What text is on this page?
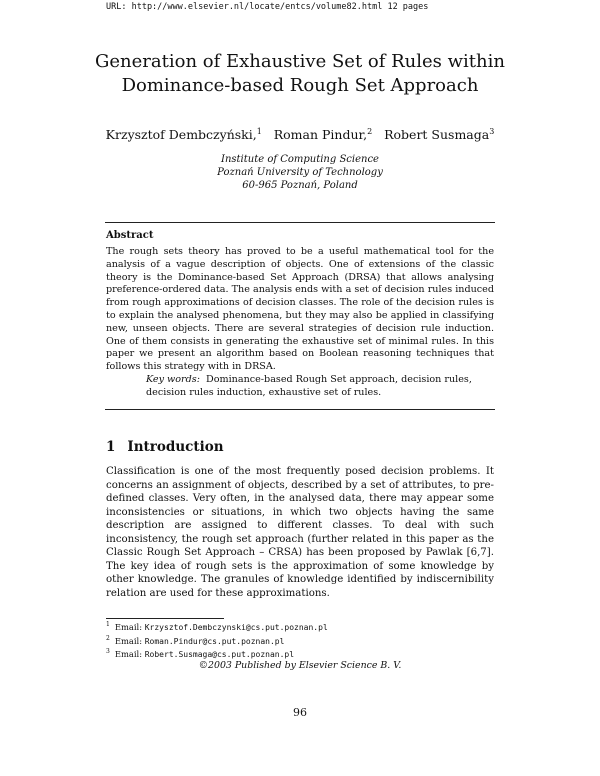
URL: http://www.elsevier.nl/locate/entcs/volume82.html 12 pages
Generation of Exhaustive Set of Rules within
Dominance-based Rough Set Approach
Krzysztof Dembczyński,$^1$ Roman Pindur,$^2$ Robert Susmaga$^3$
Institute of Computing Science
Poznań University of Technology
60-965 Poznań, Poland
Abstract

The rough sets theory has proved to be a useful mathematical tool for the analysis of a vague description of objects. One of extensions of the classic theory is the Dominance-based Set Approach (DRSA) that allows analysing preference-ordered data. The analysis ends with a set of decision rules induced from rough approximations of decision classes. The role of the decision rules is to explain the analysed phenomena, but they may also be applied in classifying new, unseen objects. There are several strategies of decision rule induction. One of them consists in generating the exhaustive set of minimal rules. In this paper we present an algorithm based on Boolean reasoning techniques that follows this strategy with in DRSA.

Key words: Dominance-based Rough Set approach, decision rules, decision rules induction, exhaustive set of rules.

1 Introduction

Classification is one of the most frequently posed decision problems. It concerns an assignment of objects, described by a set of attributes, to pre-defined classes. Very often, in the analysed data, there may appear some inconsistencies or situations, in which two objects having the same description are assigned to different classes. To deal with such inconsistency, the rough set approach (further related in this paper as the Classic Rough Set Approach – CRSA) has been proposed by Pawlak [6,7]. The key idea of rough sets is the approximation of some knowledge by other knowledge. The granules of knowledge identified by indiscernibility relation are used for these approximations.

$^1$ Email: Krzysztof.Dembczynski@cs.put.poznan.pl
$^2$ Email: Roman.Pindur@cs.put.poznan.pl
$^3$ Email: Robert.Susmaga@cs.put.poznan.pl
©2003 Published by Elsevier Science B. V.
96
